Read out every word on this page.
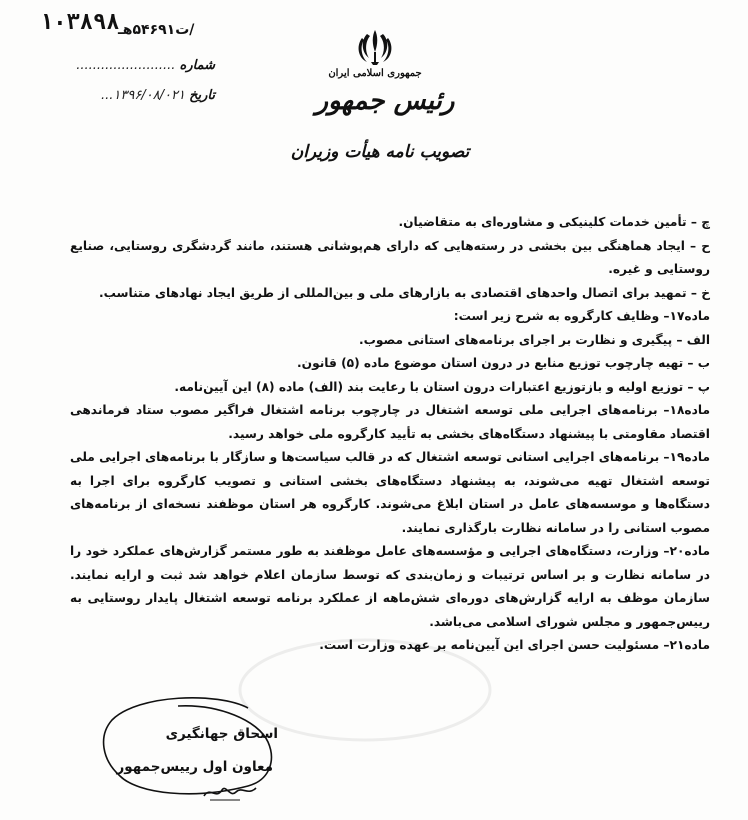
۱۰۳۸۹۸
/ت۵۴۶۹۱هـ
شماره ........................
تاریخ ۱۳۹۶/۰۸/۰۲۱...
جمهوری اسلامی ایران
رئیس جمهور
تصویب نامه هیأت وزیران

چ – تأمین خدمات کلینیکی و مشاوره‌ای به متقاضیان.

ح – ایجاد هماهنگی بین بخشی در رسته‌هایی که دارای هم‌پوشانی هستند، مانند گردشگری روستایی، صنایع روستایی و غیره.

خ – تمهید برای اتصال واحدهای اقتصادی به بازارهای ملی و بین‌المللی از طریق ایجاد نهادهای متناسب.

ماده۱۷– وظایف کارگروه به شرح زیر است:

الف – پیگیری و نظارت بر اجرای برنامه‌های استانی مصوب.

ب – تهیه چارچوب توزیع منابع در درون استان موضوع ماده (۵) قانون.

پ – توزیع اولیه و بازتوزیع اعتبارات درون استان با رعایت بند (الف) ماده (۸) این آیین‌نامه.

ماده۱۸– برنامه‌های اجرایی ملی توسعه اشتغال در چارچوب برنامه اشتغال فراگیر مصوب ستاد فرماندهی اقتصاد مقاومتی با پیشنهاد دستگاه‌های بخشی به تأیید کارگروه ملی خواهد رسید.

ماده۱۹– برنامه‌های اجرایی استانی توسعه اشتغال که در قالب سیاست‌ها و سازگار با برنامه‌های اجرایی ملی توسعه اشتغال تهیه می‌شوند، به پیشنهاد دستگاه‌های بخشی استانی و تصویب کارگروه برای اجرا به دستگاه‌ها و موسسه‌های عامل در استان ابلاغ می‌شوند. کارگروه هر استان موظفند نسخه‌ای از برنامه‌های مصوب استانی را در سامانه نظارت بارگذاری نمایند.

ماده۲۰– وزارت، دستگاه‌های اجرایی و مؤسسه‌های عامل موظفند به طور مستمر گزارش‌های عملکرد خود را در سامانه نظارت و بر اساس ترتیبات و زمان‌بندی که توسط سازمان اعلام خواهد شد ثبت و ارایه نمایند. سازمان موظف به ارایه گزارش‌های دوره‌ای شش‌ماهه از عملکرد برنامه توسعه اشتغال پایدار روستایی به رییس‌جمهور و مجلس شورای اسلامی می‌باشد.

ماده۲۱– مسئولیت حسن اجرای این آیین‌نامه بر عهده وزارت است.

اسحاق جهانگیری
معاون اول رییس‌جمهور
